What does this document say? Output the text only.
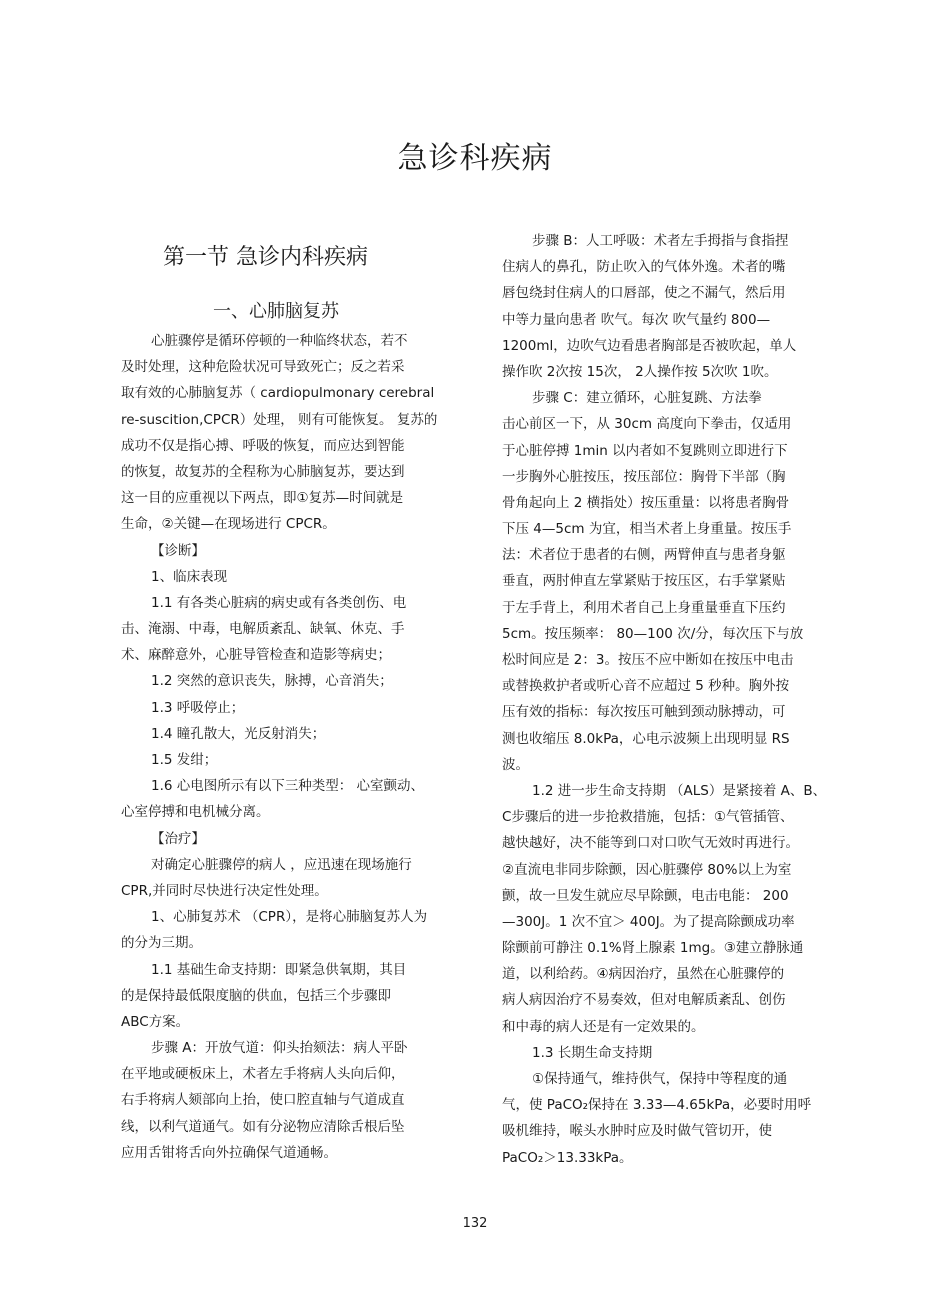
急诊科疾病
第一节 急诊内科疾病
一、心肺脑复苏
心脏骤停是循环停顿的一种临终状态，若不
及时处理，这种危险状况可导致死亡；反之若采
取有效的心肺脑复苏（ cardiopulmonary cerebral
re-suscition,CPCR）处理， 则有可能恢复。 复苏的
成功不仅是指心搏、呼吸的恢复，而应达到智能
的恢复，故复苏的全程称为心肺脑复苏，要达到
这一目的应重视以下两点，即①复苏—时间就是
生命，②关键—在现场进行 CPCR。
【诊断】
1、临床表现
1.1 有各类心脏病的病史或有各类创伤、电
击、淹溺、中毒，电解质紊乱、缺氧、休克、手
术、麻醉意外，心脏导管检查和造影等病史；
1.2 突然的意识丧失，脉搏，心音消失；
1.3 呼吸停止；
1.4 瞳孔散大，光反射消失；
1.5 发绀；
1.6 心电图所示有以下三种类型： 心室颤动、
心室停搏和电机械分离。
【治疗】
对确定心脏骤停的病人 ，应迅速在现场施行
CPR,并同时尽快进行决定性处理。
1、心肺复苏术 （CPR），是将心肺脑复苏人为
的分为三期。
1.1 基础生命支持期：即紧急供氧期，其目
的是保持最低限度脑的供血，包括三个步骤即
ABC方案。
步骤 A：开放气道：仰头抬颏法：病人平卧
在平地或硬板床上，术者左手将病人头向后仰，
右手将病人颏部向上抬，使口腔直轴与气道成直
线，以利气道通气。如有分泌物应清除舌根后坠
应用舌钳将舌向外拉确保气道通畅。
步骤 B：人工呼吸：术者左手拇指与食指捏
住病人的鼻孔，防止吹入的气体外逸。术者的嘴
唇包绕封住病人的口唇部，使之不漏气，然后用
中等力量向患者 吹气。每次 吹气量约 800—
1200ml，边吹气边看患者胸部是否被吹起，单人
操作吹 2次按 15次， 2人操作按 5次吹 1吹。
步骤 C：建立循环，心脏复跳、方法拳
击心前区一下，从 30cm 高度向下拳击，仅适用
于心脏停搏 1min 以内者如不复跳则立即进行下
一步胸外心脏按压，按压部位：胸骨下半部（胸
骨角起向上 2 横指处）按压重量：以将患者胸骨
下压 4—5cm 为宜，相当术者上身重量。按压手
法：术者位于患者的右侧，两臂伸直与患者身躯
垂直，两肘伸直左掌紧贴于按压区，右手掌紧贴
于左手背上，利用术者自己上身重量垂直下压约
5cm。按压频率： 80—100 次/分，每次压下与放
松时间应是 2：3。按压不应中断如在按压中电击
或替换救护者或听心音不应超过 5 秒种。胸外按
压有效的指标：每次按压可触到颈动脉搏动，可
测也收缩压 8.0kPa，心电示波频上出现明显 RS
波。
1.2 进一步生命支持期 （ALS）是紧接着 A、B、
C步骤后的进一步抢救措施，包括：①气管插管、
越快越好，决不能等到口对口吹气无效时再进行。
②直流电非同步除颤，因心脏骤停 80%以上为室
颤，故一旦发生就应尽早除颤，电击电能： 200
—300J。1 次不宜＞ 400J。为了提高除颤成功率
除颤前可静注 0.1%肾上腺素 1mg。③建立静脉通
道，以利给药。④病因治疗，虽然在心脏骤停的
病人病因治疗不易奏效，但对电解质紊乱、创伤
和中毒的病人还是有一定效果的。
1.3 长期生命支持期
①保持通气，维持供气，保持中等程度的通
气，使 PaCO₂保持在 3.33—4.65kPa，必要时用呼
吸机维持，喉头水肿时应及时做气管切开，使
PaCO₂＞13.33kPa。
132
